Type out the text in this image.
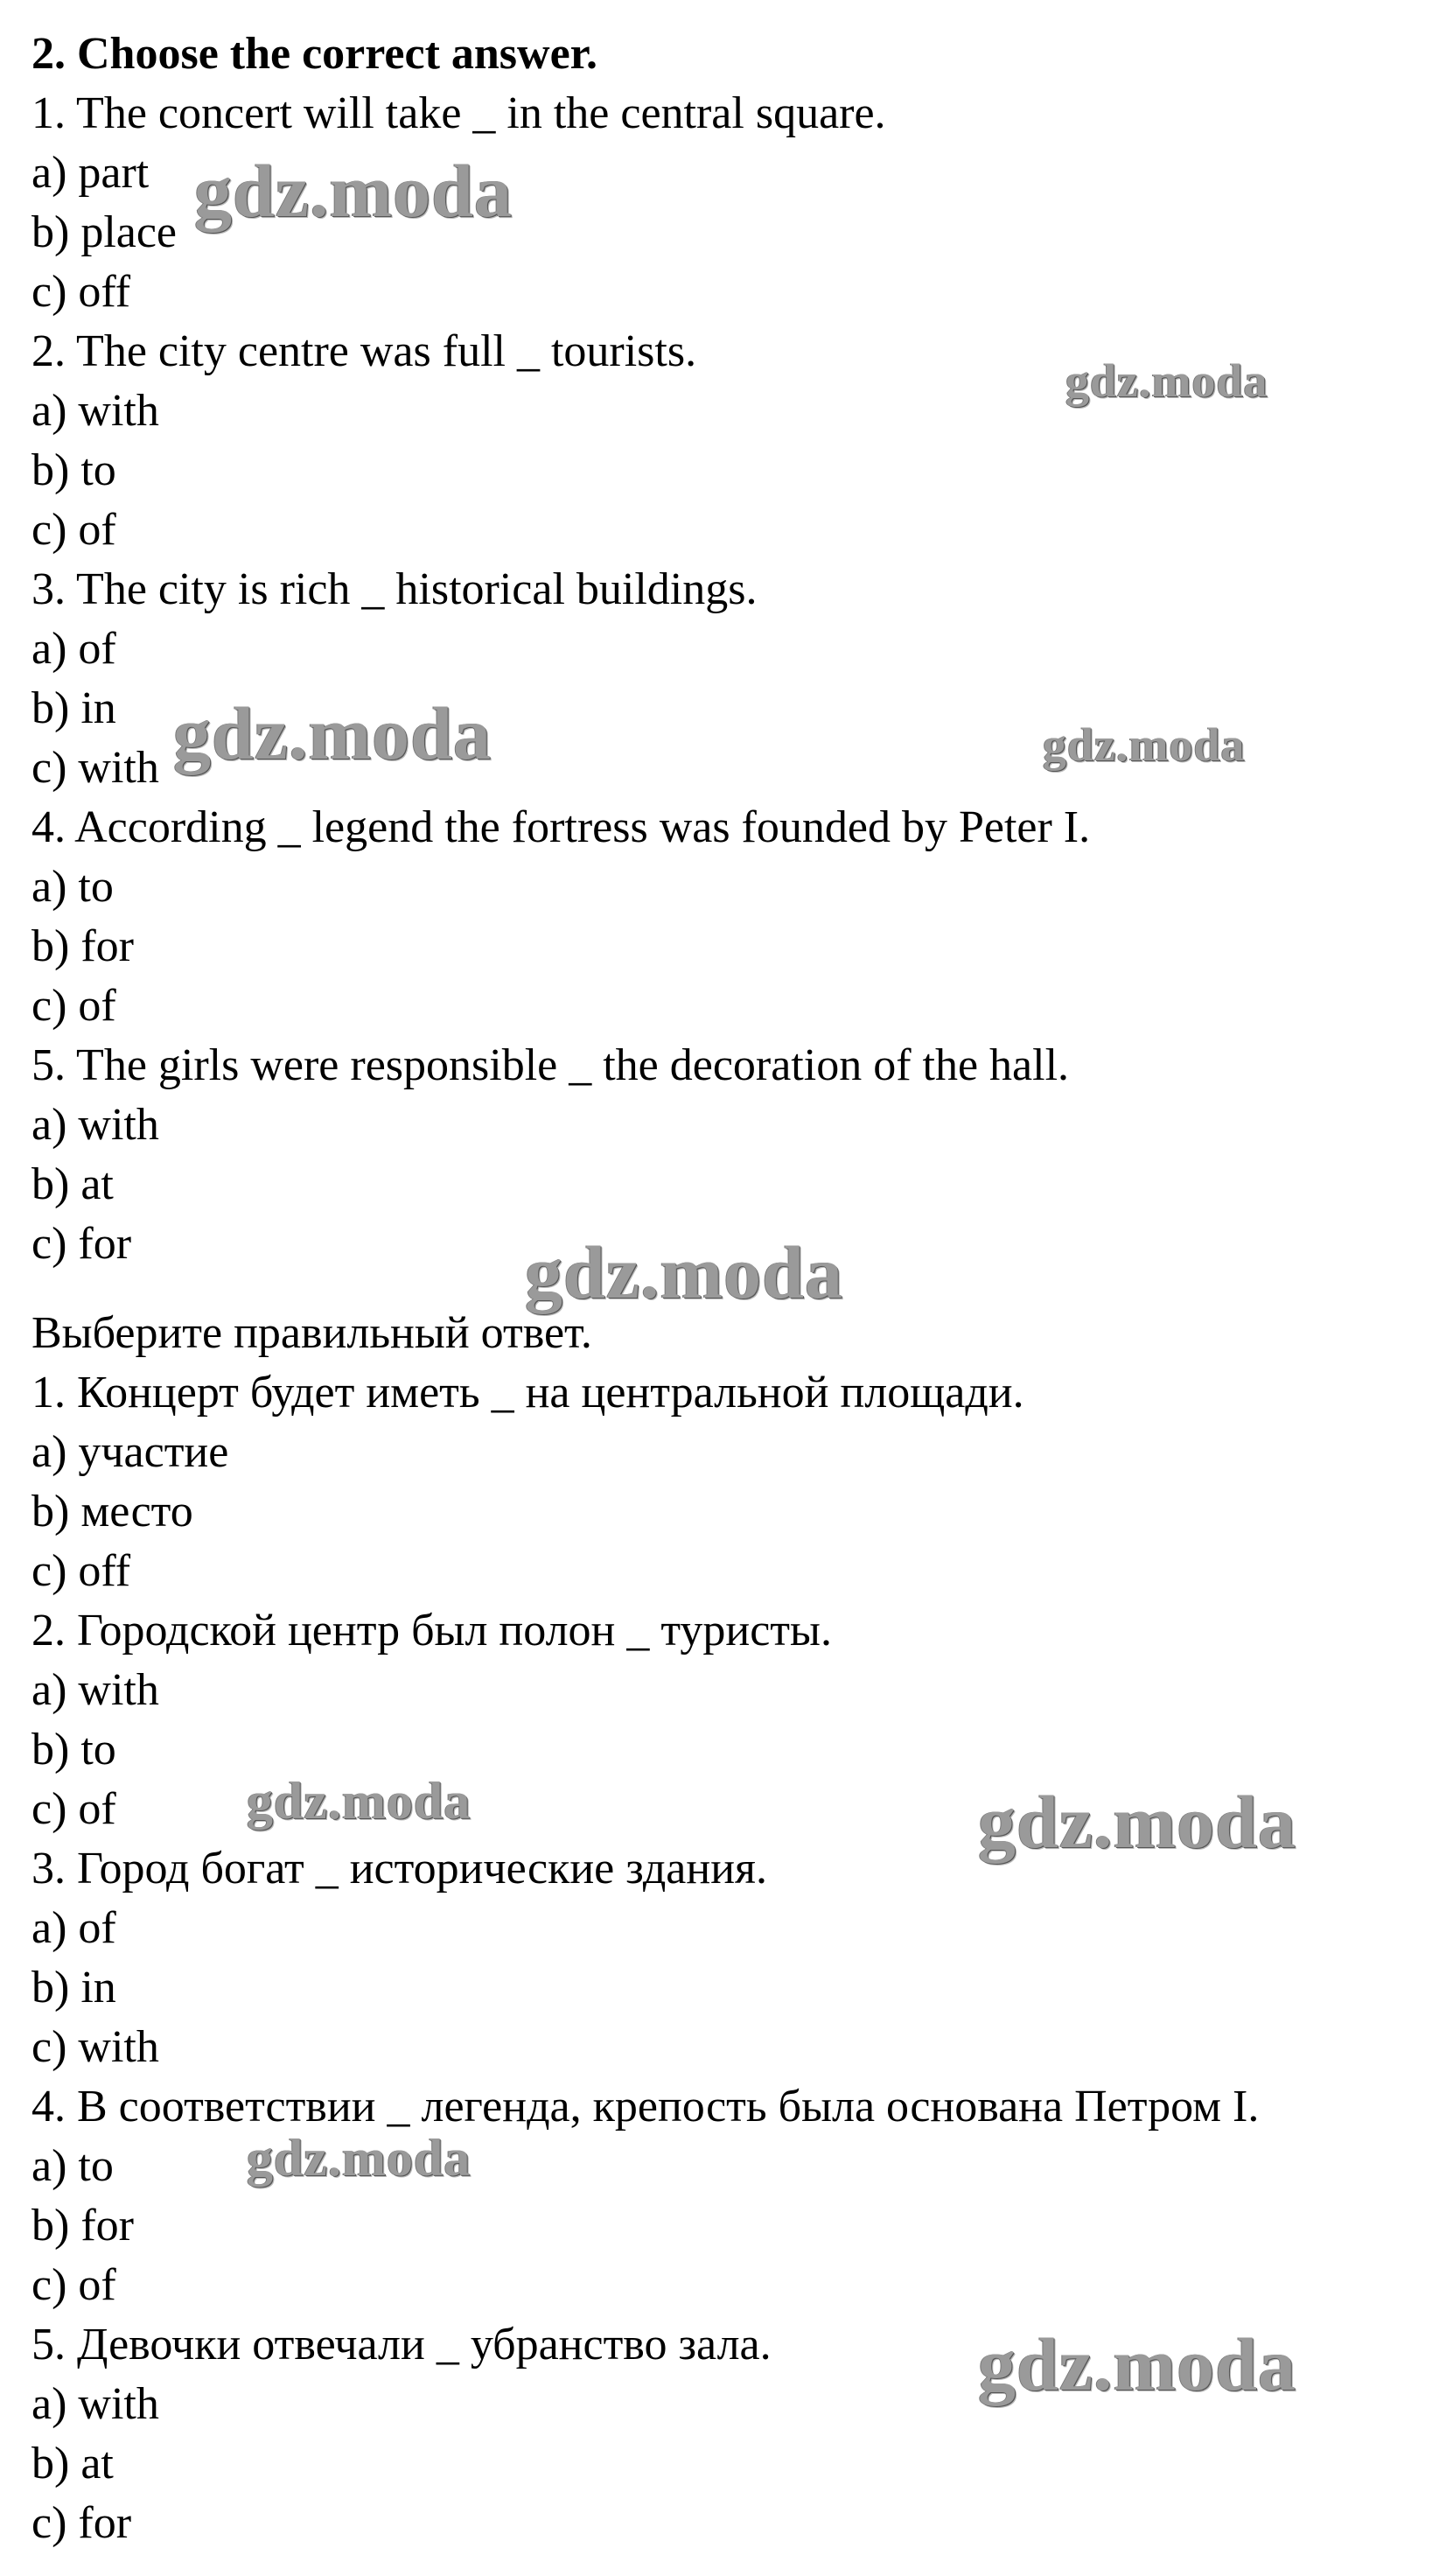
2. Choose the correct answer.
1. The concert will take _ in the central square.
a) part
b) place
c) off
2. The city centre was full _ tourists.
a) with
b) to
c) of
3. The city is rich _ historical buildings.
a) of
b) in
c) with
4. According _ legend the fortress was founded by Peter I.
a) to
b) for
c) of
5. The girls were responsible _ the decoration of the hall.
a) with
b) at
c) for
Выберите правильный ответ.
1. Концерт будет иметь _ на центральной площади.
a) участие
b) место
c) off
2. Городской центр был полон _ туристы.
a) with
b) to
c) of
3. Город богат _ исторические здания.
a) of
b) in
c) with
4. В соответствии _ легенда, крепость была основана Петром I.
a) to
b) for
c) of
5. Девочки отвечали _ убранство зала.
a) with
b) at
c) for
gdz.moda
gdz.moda
gdz.moda	gdz.moda
gdz.moda
gdz.moda	gdz.moda
gdz.moda
gdz.moda
